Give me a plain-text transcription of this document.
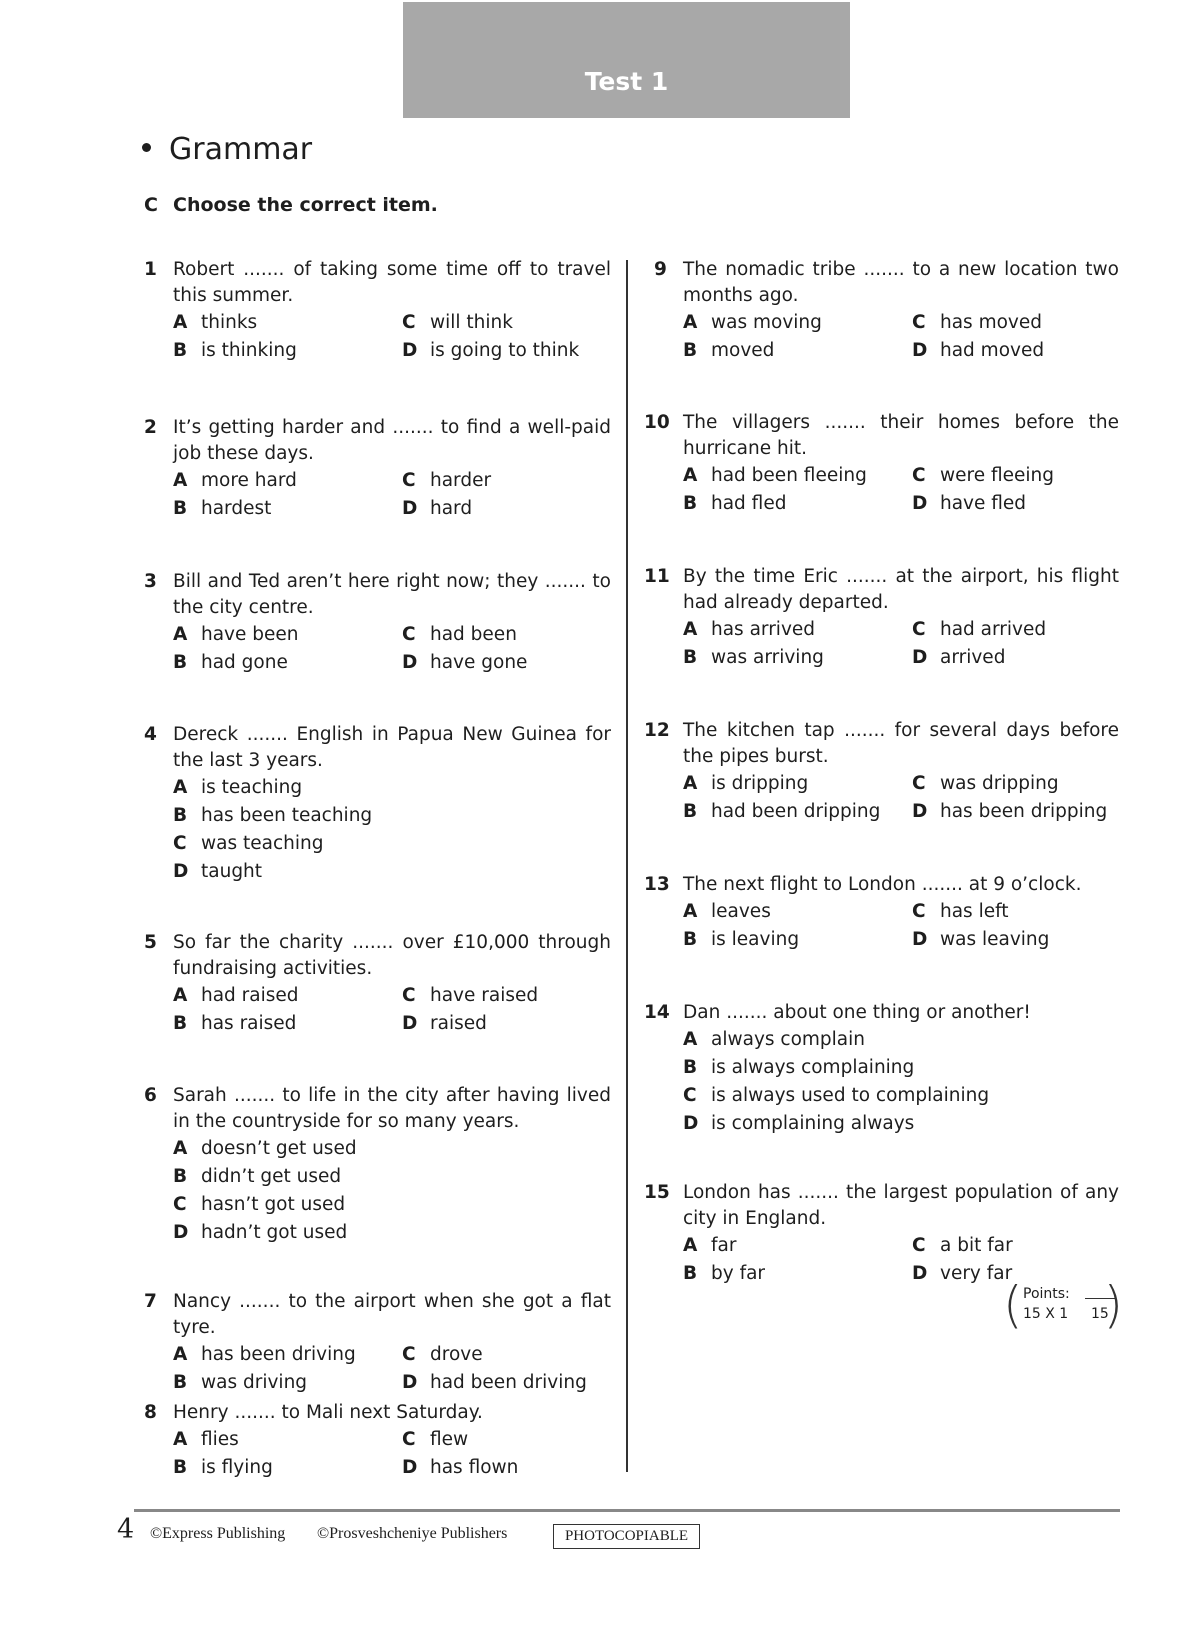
Test 1
Grammar
C Choose the correct item.
1 Robert ....... of taking some time off to travel this summer.
A thinks	C will think
B is thinking	D is going to think
2 It’s getting harder and ....... to find a well-paid job these days.
A more hard	C harder
B hardest	D hard
3 Bill and Ted aren’t here right now; they ....... to the city centre.
A have been	C had been
B had gone	D have gone
4 Dereck ....... English in Papua New Guinea for the last 3 years.
A is teaching
B has been teaching
C was teaching
D taught
5 So far the charity ....... over £10,000 through fundraising activities.
A had raised	C have raised
B has raised	D raised
6 Sarah ....... to life in the city after having lived in the countryside for so many years.
A doesn’t get used
B didn’t get used
C hasn’t got used
D hadn’t got used
7 Nancy ....... to the airport when she got a flat tyre.
A has been driving	C drove
B was driving	D had been driving
8 Henry ....... to Mali next Saturday.
A flies	C flew
B is flying	D has flown
9 The nomadic tribe ....... to a new location two months ago.
A was moving	C has moved
B moved	D had moved
10 The villagers ....... their homes before the hurricane hit.
A had been fleeing C were fleeing
B had fled	D have fled
11 By the time Eric ....... at the airport, his flight had already departed.
A has arrived	C had arrived
B was arriving	D arrived
12 The kitchen tap ....... for several days before the pipes burst.
A is dripping	C was dripping
B had been dripping D has been dripping
13 The next flight to London ....... at 9 o’clock.
A leaves	C has left
B is leaving	D was leaving
14 Dan ....... about one thing or another!
A always complain
B is always complaining
C is always used to complaining
D is complaining always
15 London has ....... the largest population of any city in England.
A far	C a bit far
B by far	D very far
( Points:
15 X 1 15
)
4 ©Express Publishing ©Prosveshcheniye Publishers	PHOTOCOPIABLE
